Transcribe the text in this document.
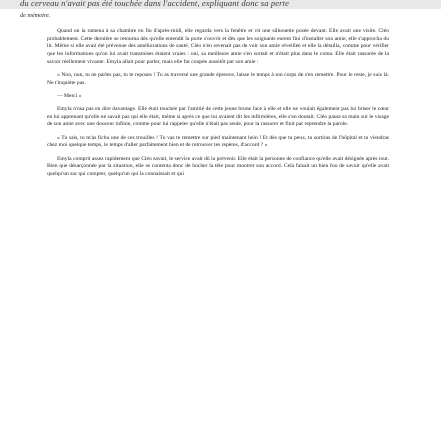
du cerveau n'avait pas été touchée dans l'accident, expliquant donc sa perte
de mémoire.

Quand on la ramena à sa chambre en fin d'après-midi, elle regarda vers la fenêtre et vit une silhouette posée devant. Elle avait une visite. Cléo probablement. Cette dernière se retourna dès qu'elle entendit la porte s'ouvrir et dès que les soignants eurent fini d'installer son amie, elle s'approcha du lit. Même si elle avait été prévenue des améliorations de santé, Cléo n'en revenait pas de voir son amie réveillée et elle la détailla, comme pour vérifier que les informations qu'on lui avait transmises étaient vraies : oui, sa meilleure amie s'en sortait et n'était plus dans le coma. Elle était rassurée de la savoir réellement vivante. Emyla allait pour parler, mais elle fut coupée aussitôt par son amie :

« Non, non, tu ne parles pas, tu te reposes ! Tu as traversé une grande épreuve, laisse le temps à ton corps de s'en remettre. Pour le reste, je suis là. Ne t'inquiète pas.

— Merci »

Emyla n'osa pas en dire davantage. Elle était touchée par l'amitié de cette jeune brune face à elle et elle ne voulait également pas lui briser le cœur en lui apprenant qu'elle ne savait pas qui elle était, même si après ce que lui avaient dit les infirmières, elle s'en doutait. Cléo passa sa main sur le visage de son amie avec une douceur infinie, comme pour lui rappeler qu'elle n'était pas seule, pour la rassurer et finit par reprendre la parole.

« Tu sais, tu m'as fichu une de ces trouilles ! Tu vas te remettre sur pied maintenant hein ! Et dès que tu peux, tu sortiras de l'hôpital et tu viendras chez moi quelque temps, le temps d'aller parfaitement bien et de retrouver tes repères, d'accord ? »

Emyla comprit assez rapidement que Cléo savait, le service avait dû la prévenir. Elle était la personne de confiance qu'elle avait désignée après tout. Bien que désarçonnée par la situation, elle se contenta donc de hocher la tête pour montrer son accord. Cela faisait un bien fou de savoir qu'elle avait quelqu'un sur qui compter, quelqu'un qui la connaissait et qui
